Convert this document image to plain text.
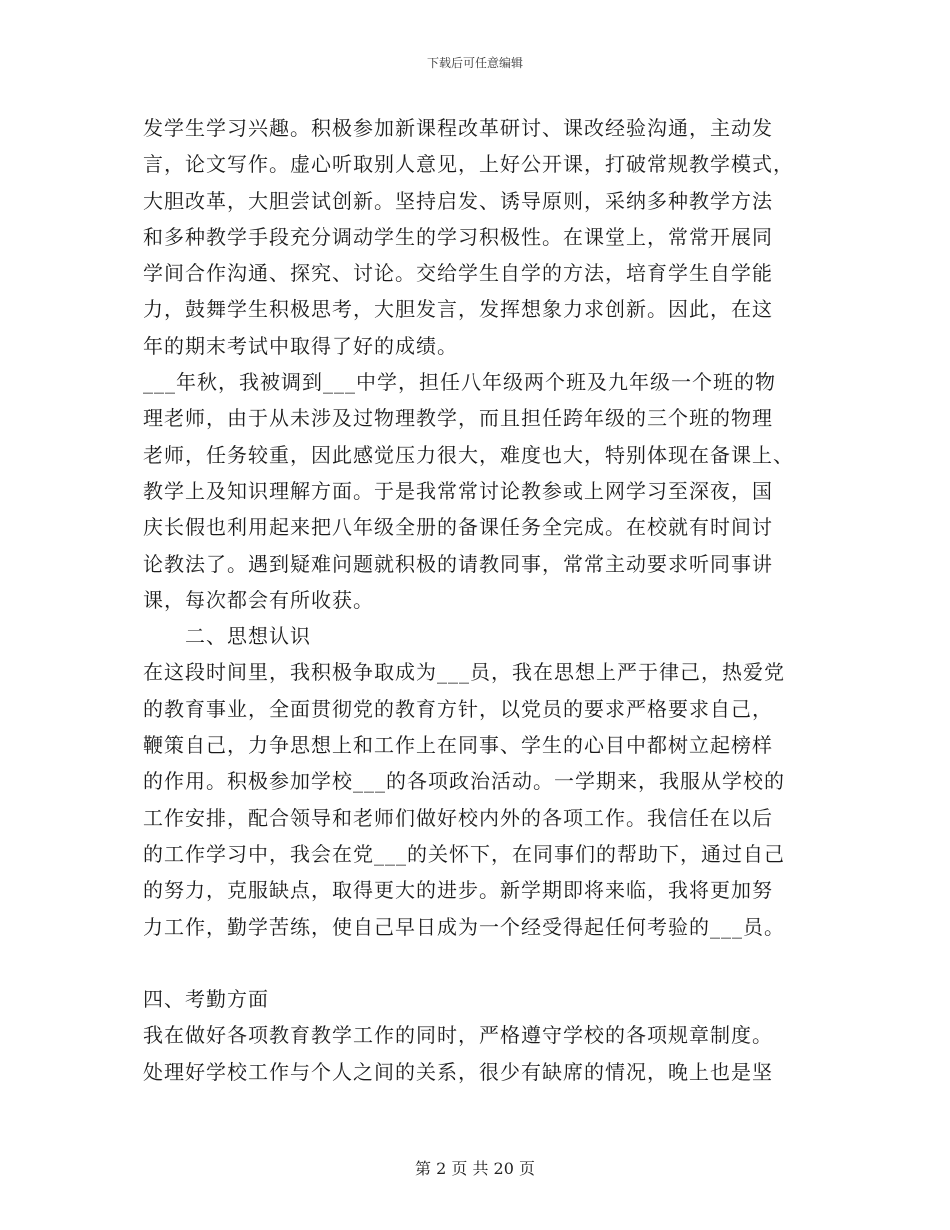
下载后可任意编辑
发学生学习兴趣。积极参加新课程改革研讨、课改经验沟通，主动发
言，论文写作。虚心听取别人意见，上好公开课，打破常规教学模式，
大胆改革，大胆尝试创新。坚持启发、诱导原则，采纳多种教学方法
和多种教学手段充分调动学生的学习积极性。在课堂上，常常开展同
学间合作沟通、探究、讨论。交给学生自学的方法，培育学生自学能
力，鼓舞学生积极思考，大胆发言，发挥想象力求创新。因此，在这
年的期末考试中取得了好的成绩。
___年秋，我被调到___中学，担任八年级两个班及九年级一个班的物
理老师，由于从未涉及过物理教学，而且担任跨年级的三个班的物理
老师，任务较重，因此感觉压力很大，难度也大，特别体现在备课上、
教学上及知识理解方面。于是我常常讨论教参或上网学习至深夜，国
庆长假也利用起来把八年级全册的备课任务全完成。在校就有时间讨
论教法了。遇到疑难问题就积极的请教同事，常常主动要求听同事讲
课，每次都会有所收获。
二、思想认识
在这段时间里，我积极争取成为___员，我在思想上严于律己，热爱党
的教育事业，全面贯彻党的教育方针，以党员的要求严格要求自己，
鞭策自己，力争思想上和工作上在同事、学生的心目中都树立起榜样
的作用。积极参加学校___的各项政治活动。一学期来，我服从学校的
工作安排，配合领导和老师们做好校内外的各项工作。我信任在以后
的工作学习中，我会在党___的关怀下，在同事们的帮助下，通过自己
的努力，克服缺点，取得更大的进步。新学期即将来临，我将更加努
力工作，勤学苦练，使自己早日成为一个经受得起任何考验的___员。
四、考勤方面
我在做好各项教育教学工作的同时，严格遵守学校的各项规章制度。
处理好学校工作与个人之间的关系，很少有缺席的情况，晚上也是坚
第 2 页 共 20 页
